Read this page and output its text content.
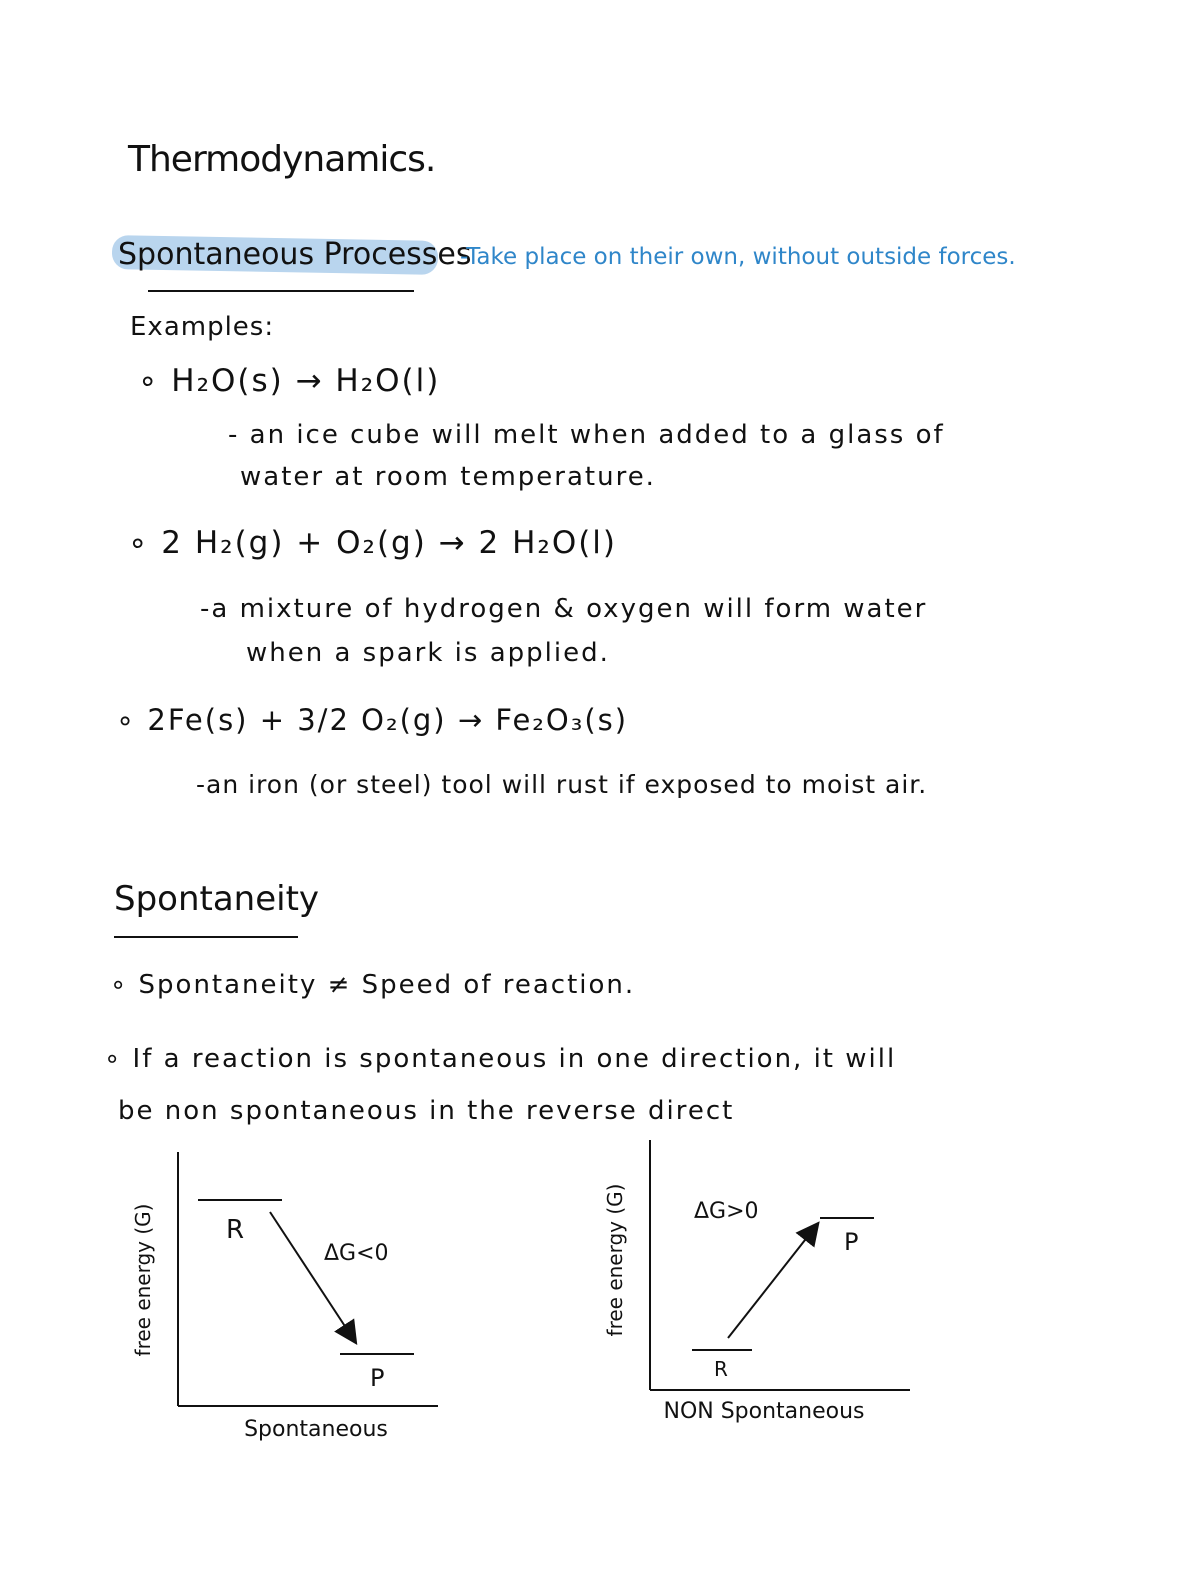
Thermodynamics.
Spontaneous Processes
-Take place on their own, without outside forces.
Examples:
∘ H₂O(s) → H₂O(l)
- an ice cube will melt when added to a glass of
water at room temperature.
∘ 2 H₂(g) + O₂(g) → 2 H₂O(l)
-a mixture of hydrogen & oxygen will form water
when a spark is applied.
∘ 2Fe(s) + 3/2 O₂(g) → Fe₂O₃(s)
-an iron (or steel) tool will rust if exposed to moist air.
Spontaneity
∘ Spontaneity ≠ Speed of reaction.
∘ If a reaction is spontaneous in one direction, it will
be non spontaneous in the reverse direct
R
P
ΔG<0
free energy (G)
Spontaneous
R
P
ΔG>0
free energy (G)
NON Spontaneous
